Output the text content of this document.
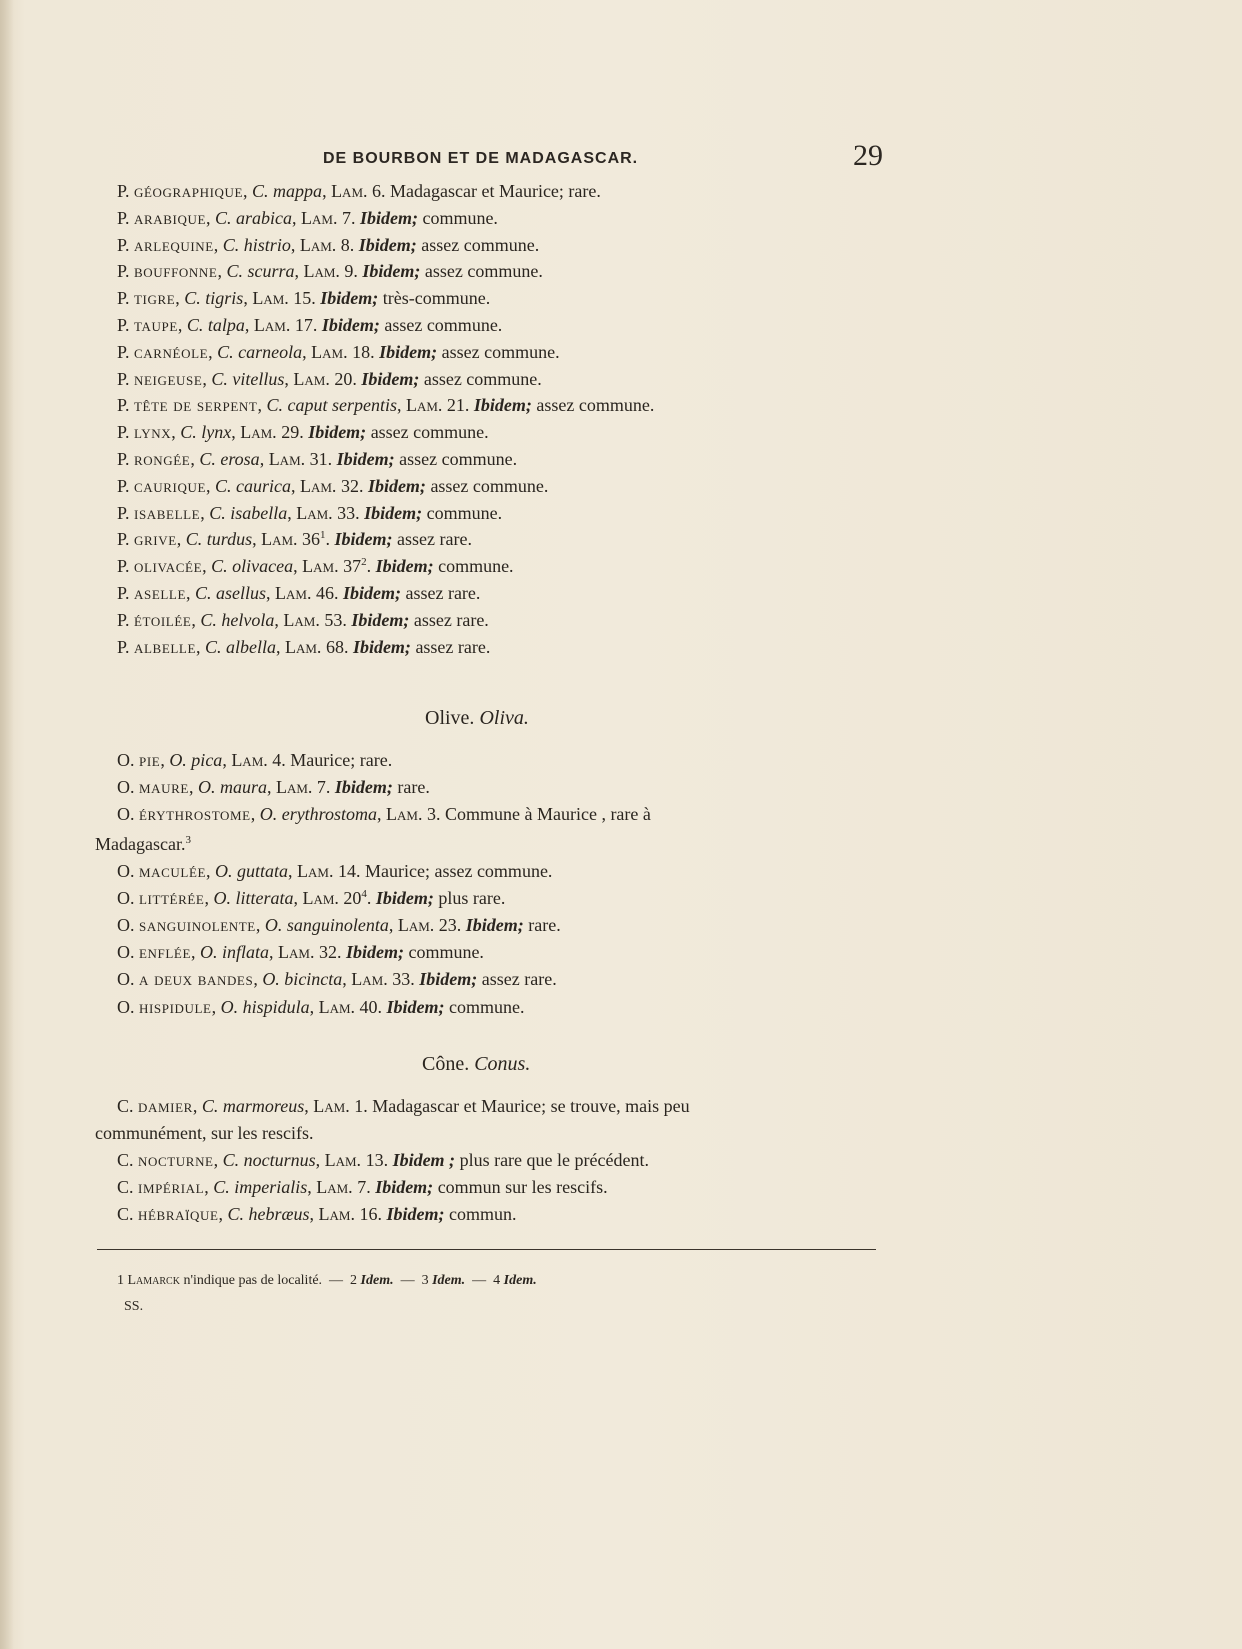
DE BOURBON ET DE MADAGASCAR.	29
P. géographique, C. mappa, Lam. 6. Madagascar et Maurice; rare.
P. arabique, C. arabica, Lam. 7. Ibidem; commune.
P. arlequine, C. histrio, Lam. 8. Ibidem; assez commune.
P. bouffonne, C. scurra, Lam. 9. Ibidem; assez commune.
P. tigre, C. tigris, Lam. 15. Ibidem; très-commune.
P. taupe, C. talpa, Lam. 17. Ibidem; assez commune.
P. carnéole, C. carneola, Lam. 18. Ibidem; assez commune.
P. neigeuse, C. vitellus, Lam. 20. Ibidem; assez commune.
P. tête de serpent, C. caput serpentis, Lam. 21. Ibidem; assez commune.
P. lynx, C. lynx, Lam. 29. Ibidem; assez commune.
P. rongée, C. erosa, Lam. 31. Ibidem; assez commune.
P. caurique, C. caurica, Lam. 32. Ibidem; assez commune.
P. isabelle, C. isabella, Lam. 33. Ibidem; commune.
P. grive, C. turdus, Lam. $36^1$. Ibidem; assez rare.
P. olivacée, C. olivacea, Lam. $37^2$. Ibidem; commune.
P. aselle, C. asellus, Lam. 46. Ibidem; assez rare.
P. étoilée, C. helvola, Lam. 53. Ibidem; assez rare.
P. albelle, C. albella, Lam. 68. Ibidem; assez rare.
Olive. Oliva.
O. pie, O. pica, Lam. 4. Maurice; rare.
O. maure, O. maura, Lam. 7. Ibidem; rare.
O. érythrostome, O. erythrostoma, Lam. 3. Commune à Maurice , rare à
O. maculée, O. guttata, Lam. 14. Maurice; assez commune.
O. littérée, O. litterata, Lam. $20^4$. Ibidem; plus rare.
O. sanguinolente, O. sanguinolenta, Lam. 23. Ibidem; rare.
O. enflée, O. inflata, Lam. 32. Ibidem; commune.
O. a deux bandes, O. bicincta, Lam. 33. Ibidem; assez rare.
O. hispidule, O. hispidula, Lam. 40. Ibidem; commune.
Madagascar.$^3$
Cône. Conus.
C. damier, C. marmoreus, Lam. 1. Madagascar et Maurice; se trouve, mais peu
C. nocturne, C. nocturnus, Lam. 13. Ibidem ; plus rare que le précédent.
C. impérial, C. imperialis, Lam. 7. Ibidem; commun sur les rescifs.
C. hébraïque, C. hebræus, Lam. 16. Ibidem; commun.
communément, sur les rescifs.
1 Lamarck n'indique pas de localité. — 2 Idem. — 3 Idem. — 4 Idem.
SS.
